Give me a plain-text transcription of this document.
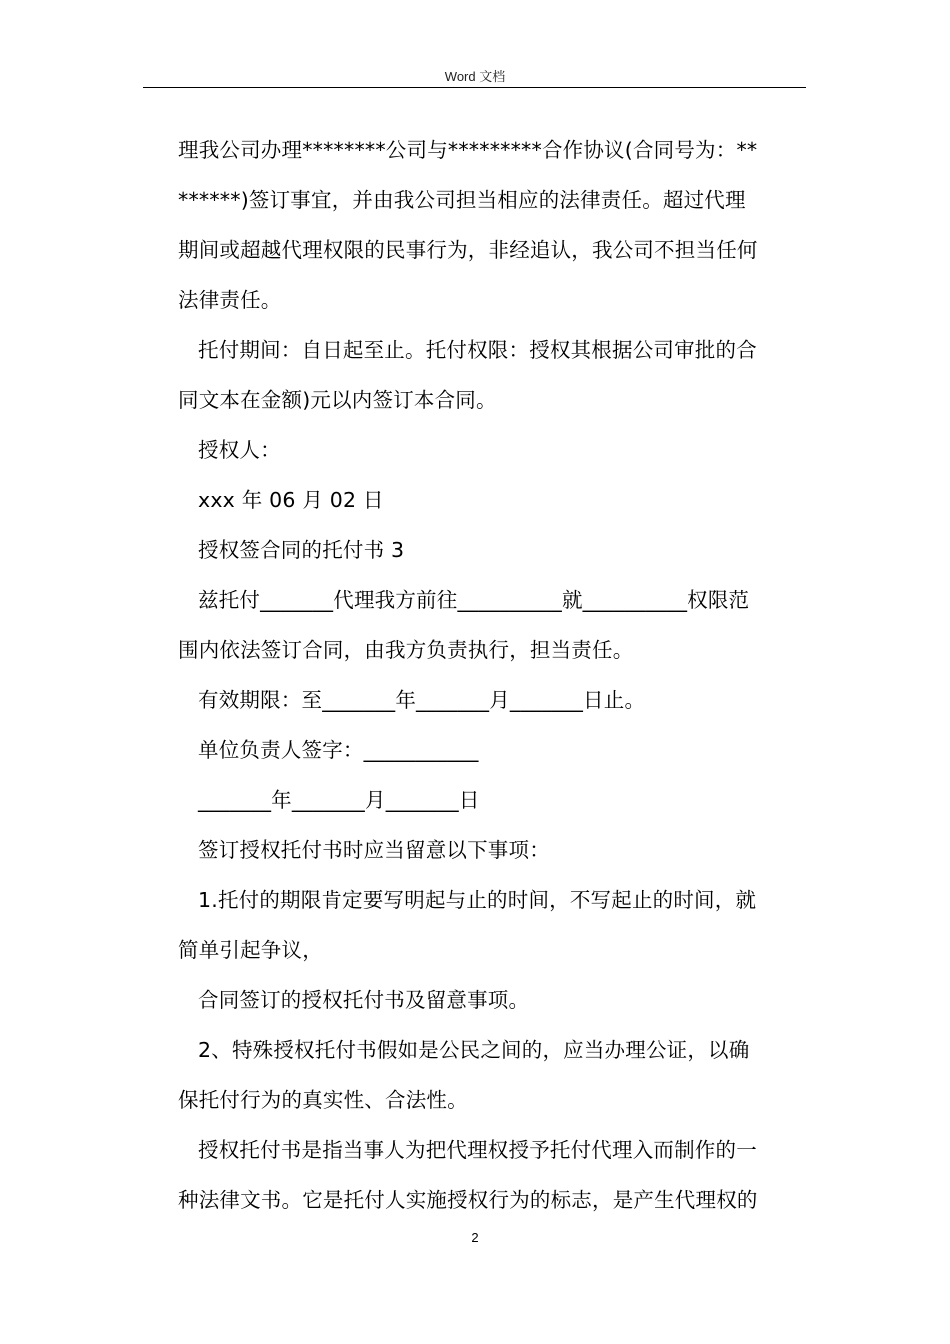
Word 文档

理我公司办理********公司与*********合作协议(合同号为：**

******)签订事宜，并由我公司担当相应的法律责任。超过代理

期间或超越代理权限的民事行为，非经追认，我公司不担当任何

法律责任。

托付期间：自日起至止。托付权限：授权其根据公司审批的合

同文本在金额)元以内签订本合同。

授权人：

xxx 年 06 月 02 日

授权签合同的托付书 3

兹托付_______代理我方前往__________就__________权限范

围内依法签订合同，由我方负责执行，担当责任。

有效期限：至_______年_______月_______日止。

单位负责人签字：___________

_______年_______月_______日

签订授权托付书时应当留意以下事项：

1.托付的期限肯定要写明起与止的时间，不写起止的时间，就

简单引起争议，

合同签订的授权托付书及留意事项。

2、特殊授权托付书假如是公民之间的，应当办理公证，以确

保托付行为的真实性、合法性。

授权托付书是指当事人为把代理权授予托付代理入而制作的一

种法律文书。它是托付人实施授权行为的标志，是产生代理权的

2
